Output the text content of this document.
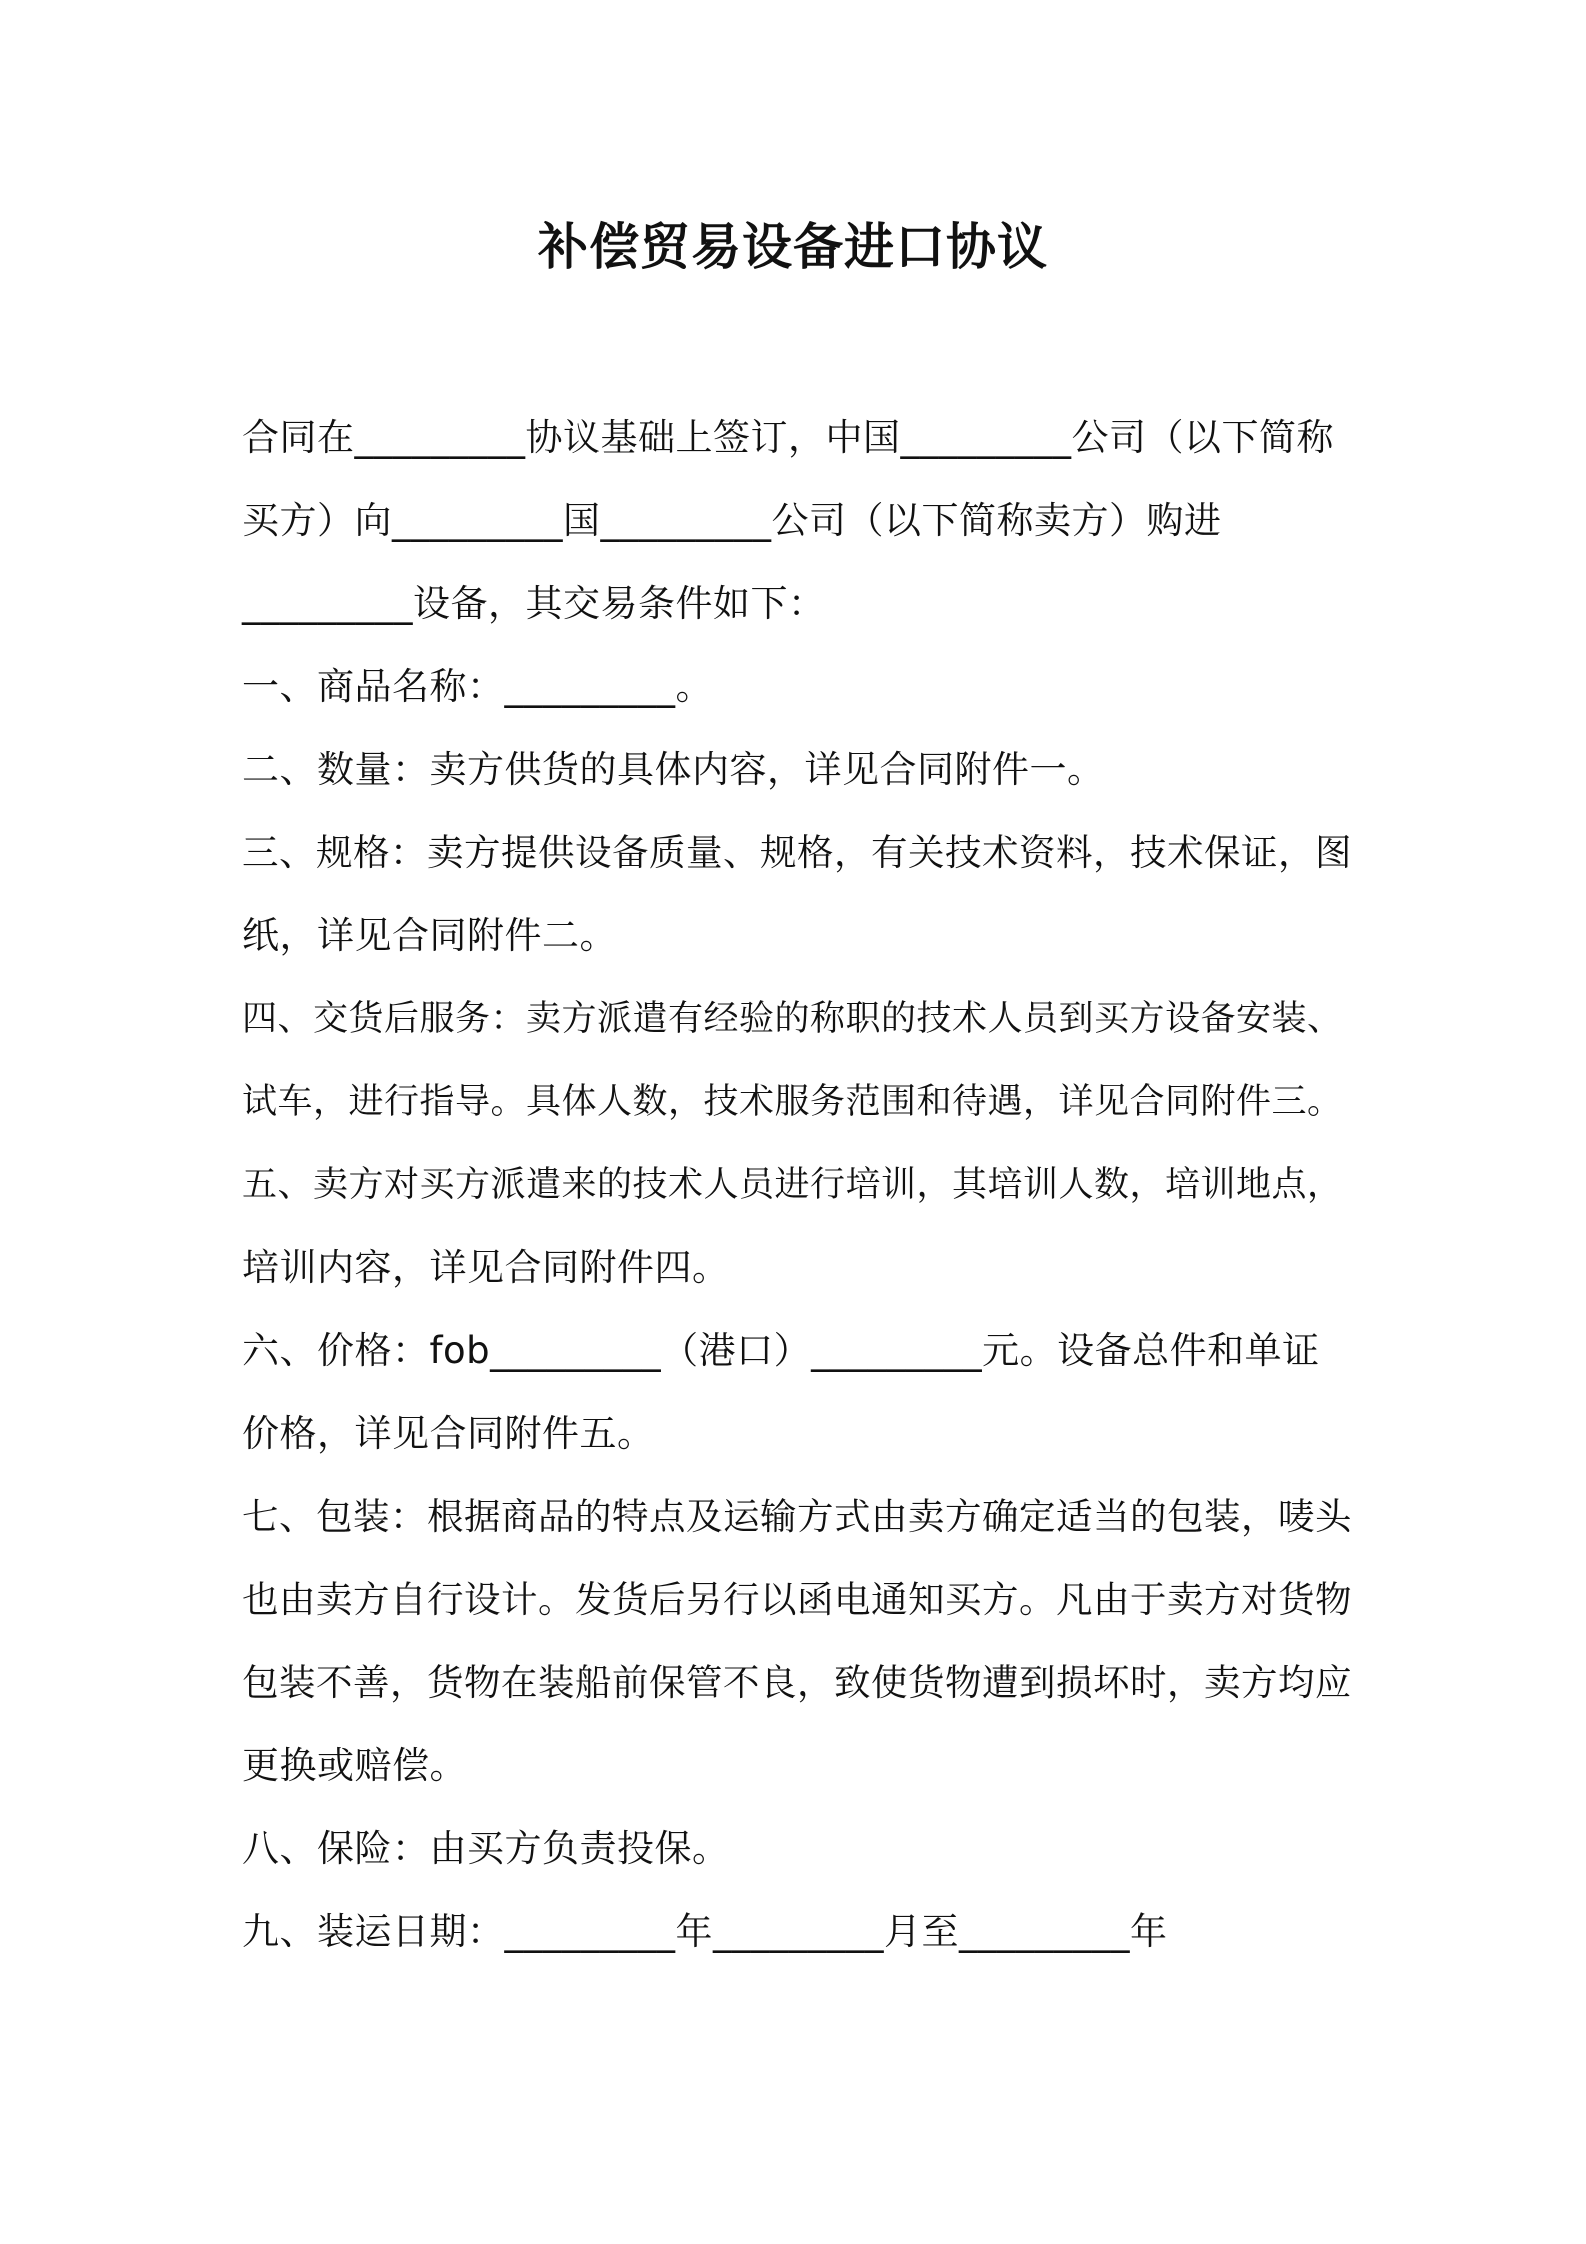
补偿贸易设备进口协议
合同在_________协议基础上签订，中国_________公司（以下简称
买方）向_________国_________公司（以下简称卖方）购进
_________设备，其交易条件如下：
一、商品名称：_________。
二、数量：卖方供货的具体内容，详见合同附件一。
三、规格：卖方提供设备质量、规格，有关技术资料，技术保证，图
纸，详见合同附件二。
四、交货后服务：卖方派遣有经验的称职的技术人员到买方设备安装、
试车，进行指导。具体人数，技术服务范围和待遇，详见合同附件三。
五、卖方对买方派遣来的技术人员进行培训，其培训人数，培训地点，
培训内容，详见合同附件四。
六、价格：fob_________（港口）_________元。设备总件和单证
价格，详见合同附件五。
七、包装：根据商品的特点及运输方式由卖方确定适当的包装，唛头
也由卖方自行设计。发货后另行以函电通知买方。凡由于卖方对货物
包装不善，货物在装船前保管不良，致使货物遭到损坏时，卖方均应
更换或赔偿。
八、保险：由买方负责投保。
九、装运日期：_________年_________月至_________年
